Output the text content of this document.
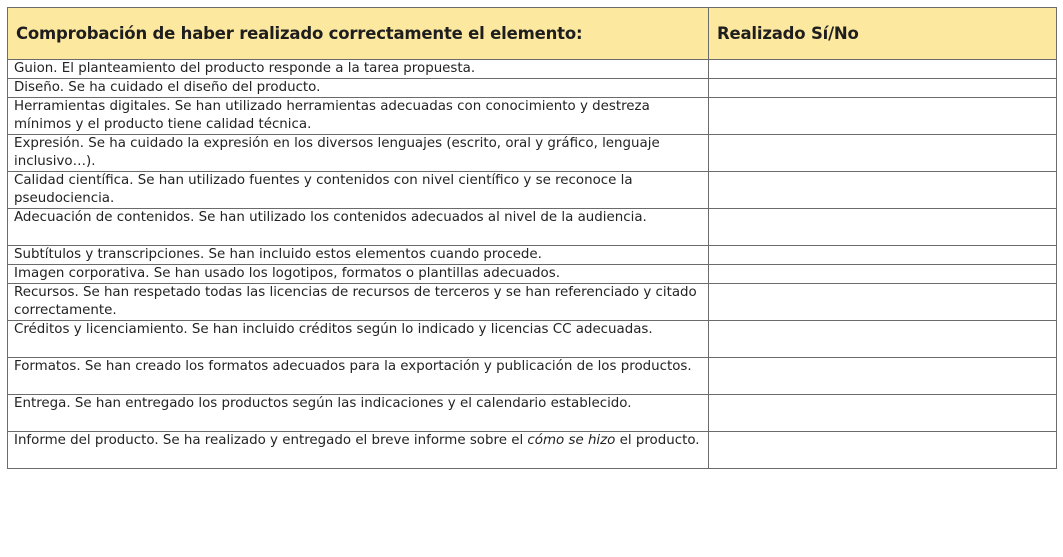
Comprobación de haber realizado correctamente el elemento:	Realizado Sí/No
Guion. El planteamiento del producto responde a la tarea propuesta.	
Diseño. Se ha cuidado el diseño del producto.	
Herramientas digitales. Se han utilizado herramientas adecuadas con conocimiento y destreza mínimos y el producto tiene calidad técnica.	
Expresión. Se ha cuidado la expresión en los diversos lenguajes (escrito, oral y gráfico, lenguaje inclusivo…).	
Calidad científica. Se han utilizado fuentes y contenidos con nivel científico y se reconoce la pseudociencia.	
Adecuación de contenidos. Se han utilizado los contenidos adecuados al nivel de la audiencia.	
Subtítulos y transcripciones. Se han incluido estos elementos cuando procede.	
Imagen corporativa. Se han usado los logotipos, formatos o plantillas adecuados.	
Recursos. Se han respetado todas las licencias de recursos de terceros y se han referenciado y citado correctamente.	
Créditos y licenciamiento. Se han incluido créditos según lo indicado y licencias CC adecuadas.	
Formatos. Se han creado los formatos adecuados para la exportación y publicación de los productos.	
Entrega. Se han entregado los productos según las indicaciones y el calendario establecido.	
Informe del producto. Se ha realizado y entregado el breve informe sobre el cómo se hizo el producto.	
